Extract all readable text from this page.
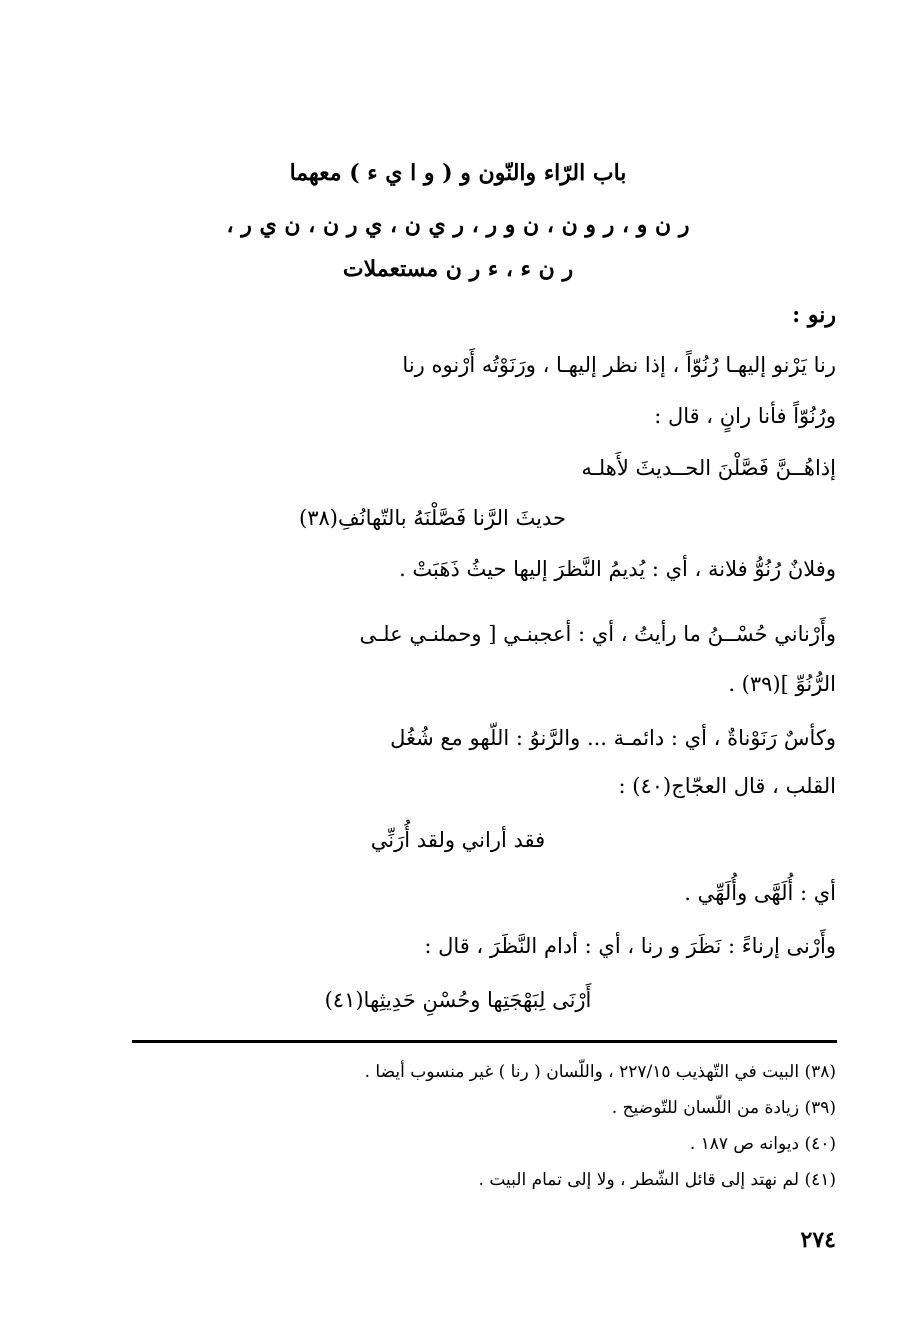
باب الرّاء والنّون و ( و ا ي ء ) معهما
ر ن و ، ر و ن ، ن و ر ، ر ي ن ، ي ر ن ، ن ي ر ،
ر ن ء ، ء ر ن مستعملات
رنو :
رنا يَرْنو إليهـا رُنُوّاً ، إذا نظر إليهـا ، ورَنَوْتُه أَرْنوه رنا
ورُنُوّاً فأنا رانٍ ، قال :
إذاهُــنَّ فَصَّلْنَ الحــديثَ لأَهلـه
حديثَ الرَّنا فَصَّلْنَهُ بالتّهانُفِ(٣٨)
وفلانٌ رُنُوُّ فلانة ، أي : يُديمُ النَّظرَ إليها حيثُ ذَهَبَتْ .
وأَرْناني حُسْــنُ ما رأيتُ ، أي : أعجبنـي [ وحملنـي علـى
الرُّنُوِّ ](٣٩) .
وكأسٌ رَنَوْناةٌ ، أي : دائمـة ... والرَّنوُ : اللّهو مع شُغُل
القلب ، قال العجّاج(٤٠) :
فقد أراني ولقد أُرَنِّي
أي : أُلَهَّى وأُلَهِّي .
وأَرْنى إرناءً : نَظَرَ و رنا ، أي : أدام النَّظَرَ ، قال :
أَرْنَى لِبَهْجَتِها وحُسْنِ حَدِيثِها(٤١)
(٣٨) البيت في التّهذيب ٢٢٧/١٥ ، واللّسان ( رنا ) غير منسوب أيضا .
(٣٩) زيادة من اللّسان للتّوضيح .
(٤٠) ديوانه ص ١٨٧ .
(٤١) لم نهتد إلى قائل الشّطر ، ولا إلى تمام البيت .
٢٧٤
